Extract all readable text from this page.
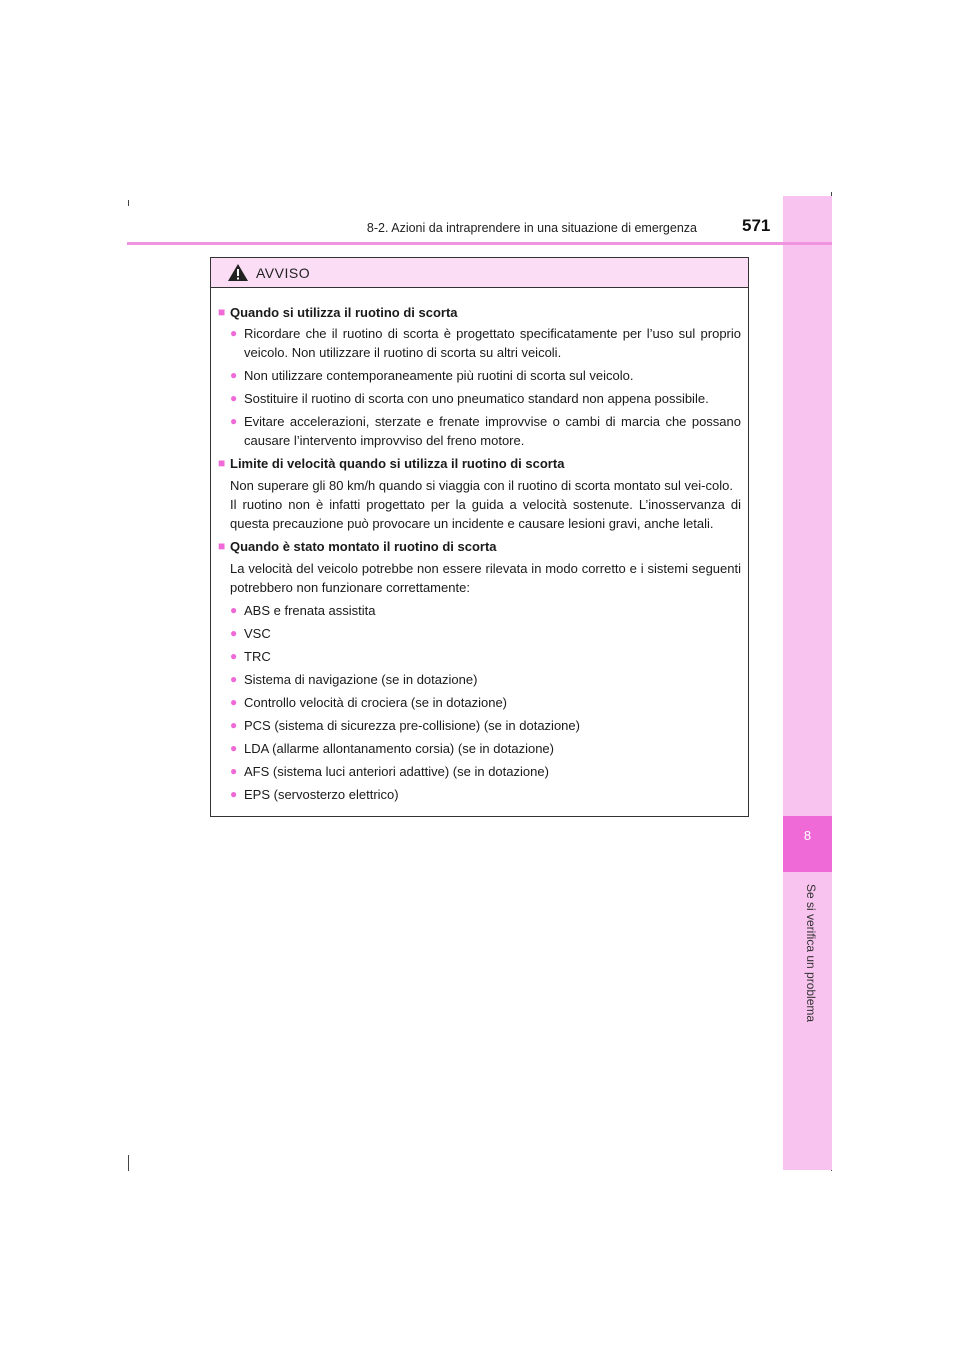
8
Se si verifica un problema
8-2. Azioni da intraprendere in una situazione di emergenza	571
AVVISO
■ Quando si utilizza il ruotino di scorta
● Ricordare che il ruotino di scorta è progettato specificatamente per l’uso sul proprio veicolo. Non utilizzare il ruotino di scorta su altri veicoli.
● Non utilizzare contemporaneamente più ruotini di scorta sul veicolo.
● Sostituire il ruotino di scorta con uno pneumatico standard non appena possibile.
● Evitare accelerazioni, sterzate e frenate improvvise o cambi di marcia che possano causare l’intervento improvviso del freno motore.
■ Limite di velocità quando si utilizza il ruotino di scorta
Non superare gli 80 km/h quando si viaggia con il ruotino di scorta montato sul vei-colo.
Il ruotino non è infatti progettato per la guida a velocità sostenute. L’inosservanza di questa precauzione può provocare un incidente e causare lesioni gravi, anche letali.
■ Quando è stato montato il ruotino di scorta
La velocità del veicolo potrebbe non essere rilevata in modo corretto e i sistemi seguenti potrebbero non funzionare correttamente:
● ABS e frenata assistita
● VSC
● TRC
● Sistema di navigazione (se in dotazione)
● Controllo velocità di crociera (se in dotazione)
● PCS (sistema di sicurezza pre-collisione) (se in dotazione)
● LDA (allarme allontanamento corsia) (se in dotazione)
● AFS (sistema luci anteriori adattive) (se in dotazione)
● EPS (servosterzo elettrico)
